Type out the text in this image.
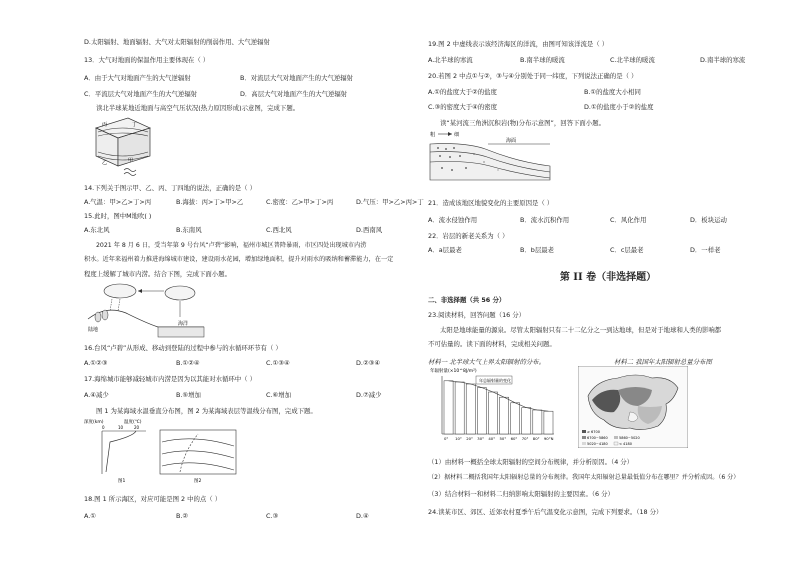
D.太阳辐射、地面辐射、大气对太阳辐射的削弱作用、大气逆辐射
13．大气对地面的保温作用主要体现在（ ）
A．由于大气对地面产生的大气逆辐射	B．对流层大气对地面产生的大气逆辐射
C．平流层大气对地面产生的大气逆辐射	D．高层大气对地面产生的大气逆辐射
读北半球某地近地面与高空气压状况(热力原因形成)示意图，完成下题。
甲
乙
丙	丁
14.下列关于图示甲、乙、丙、丁四地的说法，正确的是（ ）
A.气温：甲>乙>丁>丙	B.海拔：丙>丁>甲>乙	C.密度：乙>甲>丁>丙	D.气压：甲>乙>丙>丁
15.此时，图中M地吹( )
A.东北风	B.东南风	C.西北风	D.西南风
2021 年 8 月 6 日，受当年第 9 号台风“卢碧”影响，福州市城区普降暴雨，市区四处出现城市内涝
积水。近年来福州着力推进海绵城市建设，建设雨水花园，增加绿地面积，提升对雨水的吸纳和蓄滞能力，在一定
程度上缓解了城市内涝。结合下图，完成下面小题。
陆地
海洋
16.台风“卢碧”从形成、移动到登陆的过程中参与的水循环环节有（ ）
A.①②③	B.①②④	C.①③④	D.②③④
17.海绵城市能够减轻城市内涝是因为以其能对水循环中（ ）
A.④减少	B.⑤增加	C.⑥增加	D.⑦减少
图 1 为某海域水温垂直分布图，图 2 为某海域表层等温线分布图，完成下题。
深度(km)	温度(℃)
0	10	20
图1	图2
18.图 1 所示海区，对应可能是图 2 中的点（ ）
A.①	B.②	C.③	D.④
19.图 2 中虚线表示该经济海区的洋流，由图可知该洋流是（ ）
A.北半球的寒流	B.南半球的暖流	C.北半球的暖流	D.南半球的寒流
20.若图 2 中点①与②，③与④分别处于同一纬度，下列说法正确的是（ ）
A.①的盐度大于②的盐度	B.①的盐度大小相同
C.③的密度大于④的密度	D.①的盐度小于②的盐度
读“某河流三角洲沉积岩(物)分布示意图”，回答下面小题。
粗	细
海面
21．造成该地区地貌变化的主要原因是（ ）
A．流水侵蚀作用	B．流水沉积作用	C．风化作用	D．板块运动
22．岩层的新老关系为（ ）
A．a层最老	B．b层最老	C．c层最老	D．一样老
第 II 卷（非选择题）
二、非选择题（共 56 分）
23.阅读材料，回答问题（16 分）
太阳是地球能量的源泉。尽管太阳辐射只有二十二亿分之一到达地球，但是对于地球和人类的影响都
不可估量的。读下面的材料，完成相关问题。
材料一 北半球大气上界太阳辐射的分布。	材料二 我国年太阳辐射总量分布图
年辐射量(×10^8J/m²)
年总辐射量的变化
0° 10° 20° 30° 40° 50° 60° 70° 80° 90°N
≥ 6700
6700~5860	5860~5020
5020~4180	< 4180
（1）由材料一概括全球太阳辐射的空间分布规律，并分析原因。（4 分）
（2）据材料二概括我国年太阳辐射总量的分布规律。我国年太阳辐射总量最低值分布在哪里？并分析成因。（6 分）
（3）结合材料一和材料二归纳影响太阳辐射的主要因素。（6 分）
24.读某市区、郊区、近郊农村夏季午后气温变化示意图，完成下列要求。（18 分）
